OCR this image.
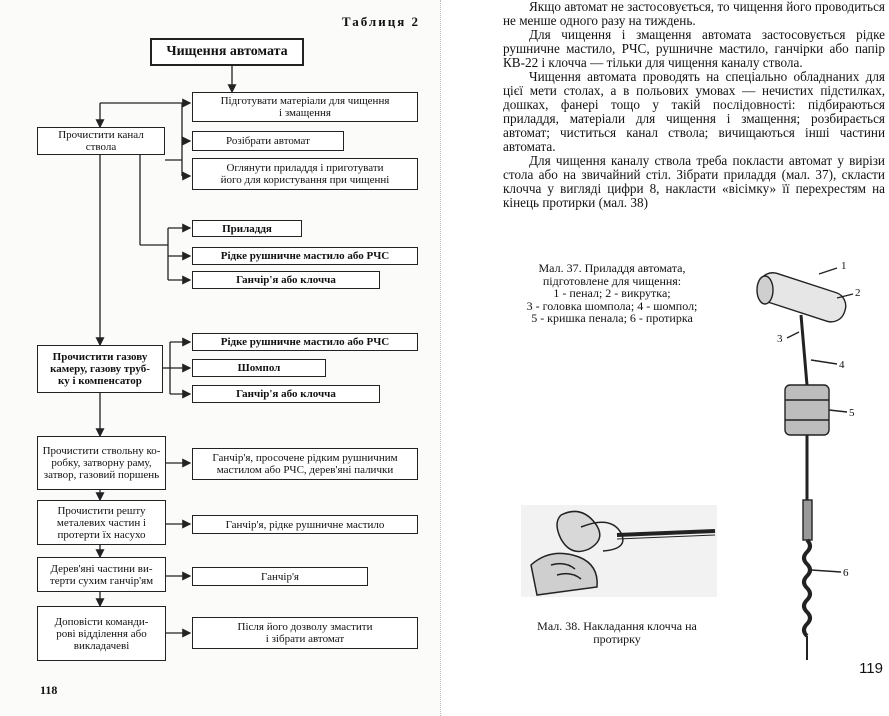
Таблиця 2
Чищення автомата
Підготувати матеріали для чищення
і змащення
Розібрати автомат
Оглянути приладдя і приготувати
його для користування при чищенні
Прочистити канал
ствола
Приладдя
Рідке рушничне мастило або РЧС
Ганчір'я або клочча
Прочистити газову
камеру, газову труб-
ку і компенсатор
Рідке рушничне мастило або РЧС
Шомпол
Ганчір'я або клочча
Прочистити ствольну ко-
робку, затворну раму,
затвор, газовий поршень
Ганчір'я, просочене рідким рушничним
мастилом або РЧС, дерев'яні палички
Прочистити решту
металевих частин і
протерти їх насухо
Ганчір'я, рідке рушничне мастило
Дерев'яні частини ви-
терти сухим ганчір'ям	Ганчір'я
Доповісти команди-
рові відділення або
викладачеві
Після його дозволу змастити
і зібрати автомат
118

Якщо автомат не застосовується, то чищення його проводиться не менше одного разу на тиждень.

Для чищення і змащення автомата застосовується рідке рушничне мастило, РЧС, рушничне мастило, ганчірки або папір КВ-22 і клочча — тільки для чищення каналу ствола.

Чищення автомата проводять на спеціально обладнаних для цієї мети столах, а в польових умовах — нечистих підстилках, дошках, фанері тощо у такій послідовності: підбираються приладдя, матеріали для чищення і змащення; розбирається автомат; чиститься канал ствола; вичищаються інші частини автомата.

Для чищення каналу ствола треба покласти автомат у вирізи стола або на звичайний стіл. Зібрати приладдя (мал. 37), скласти клочча у вигляді цифри 8, накласти «вісімку» її перехрестям на кінець протирки (мал. 38)

Мал. 37. Приладдя автомата,
підготовлене для чищення:
1 - пенал; 2 - викрутка;
3 - головка шомпола; 4 - шомпол;
5 - кришка пенала; 6 - протирка
1
2
3
4
5
6
Мал. 38. Накладання клочча на
протирку
119
